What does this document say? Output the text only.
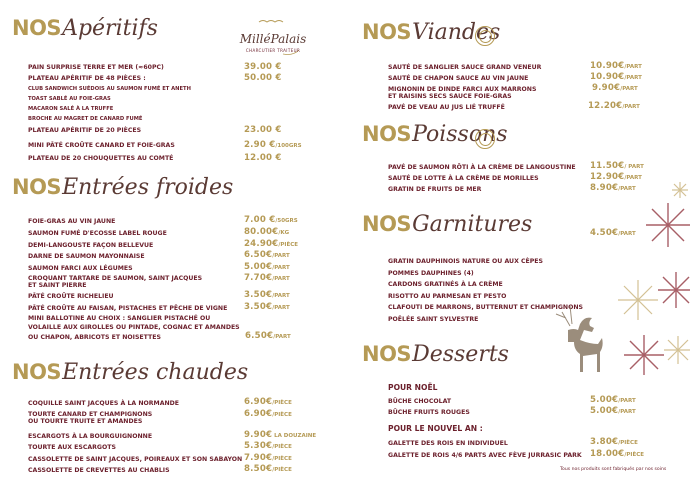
NOSApéritifs	MilléPalais
CHARCUTIER TRAITEUR
PAIN SURPRISE TERRE ET MER (≈60PC)	39.00 €
PLATEAU APÉRITIF DE 48 PIÈCES :	50.00 €
CLUB SANDWICH SUÉDOIS AU SAUMON FUMÉ ET ANETH
TOAST SABLÉ AU FOIE-GRAS
MACARON SALÉ À LA TRUFFE
BROCHE AU MAGRET DE CANARD FUMÉ
PLATEAU APÉRITIF DE 20 PIÈCES	23.00 €
MINI PÂTÉ CROÛTE CANARD ET FOIE-GRAS	2.90 €/100GRS
PLATEAU DE 20 CHOUQUETTES AU COMTÉ	12.00 €
NOSEntrées froides
FOIE-GRAS AU VIN JAUNE	7.00 €/50GRS
SAUMON FUMÉ D'ECOSSE LABEL ROUGE	80.00€/KG
DEMI-LANGOUSTE FAÇON BELLEVUE	24.90€/PIÈCE
DARNE DE SAUMON MAYONNAISE	6.50€/PART
SAUMON FARCI AUX LÉGUMES	5.00€/PART
CROQUANT TARTARE DE SAUMON, SAINT JACQUES
ET SAINT PIERRE
7.70€/PART
PÂTÉ CROÛTE RICHELIEU	3.50€/PART
PÂTÉ CROÛTE AU FAISAN, PISTACHES ET PÊCHE DE VIGNE 3.50€/PART
MINI BALLOTINE AU CHOIX : SANGLIER PISTACHÉ OU
VOLAILLE AUX GIROLLES OU PINTADE, COGNAC ET AMANDES
OU CHAPON, ABRICOTS ET NOISETTES	6.50€/PART
NOSEntrées chaudes
COQUILLE SAINT JACQUES À LA NORMANDE	6.90€/PIÈCE
TOURTE CANARD ET CHAMPIGNONS
OU TOURTE TRUITE ET AMANDES
6.90€/PIÈCE
ESCARGOTS À LA BOURGUIGNONNE	9.90€ LA DOUZAINE
TOURTE AUX ESCARGOTS	5.30€/PIÈCE
CASSOLETTE DE SAINT JACQUES, POIREAUX ET SON SABAYON 7.90€/PIÈCE
CASSOLETTE DE CREVETTES AU CHABLIS	8.50€/PIÈCE
NOSViandes
SAUTÉ DE SANGLIER SAUCE GRAND VENEUR	10.90€/PART
SAUTÉ DE CHAPON SAUCE AU VIN JAUNE	10.90€/PART
MIGNONIN DE DINDE FARCI AUX MARRONS
ET RAISINS SECS SAUCE FOIE-GRAS
9.90€/PART
PAVÉ DE VEAU AU JUS LIÉ TRUFFÉ	12.20€/PART
NOSPoissons
PAVÉ DE SAUMON RÔTI À LA CRÈME DE LANGOUSTINE 11.50€/ PART
SAUTÉ DE LOTTE À LA CRÈME DE MORILLES	12.90€/PART
GRATIN DE FRUITS DE MER	8.90€/PART
NOSGarnitures	4.50€/PART
GRATIN DAUPHINOIS NATURE OU AUX CÈPES
POMMES DAUPHINES (4)
CARDONS GRATINÉS À LA CRÈME
RISOTTO AU PARMESAN ET PESTO
CLAFOUTI DE MARRONS, BUTTERNUT ET CHAMPIGNONS
POÊLÉE SAINT SYLVESTRE
NOSDesserts
POUR NOËL
BÛCHE CHOCOLAT	5.00€/PART
BÛCHE FRUITS ROUGES	5.00€/PART
POUR LE NOUVEL AN :
GALETTE DES ROIS EN INDIVIDUEL	3.80€/PIÈCE
GALETTE DE ROIS 4/6 PARTS AVEC FÈVE JURRASIC PARK 18.00€/PIÈCE
Tous nos produits sont fabriqués par nos soins
